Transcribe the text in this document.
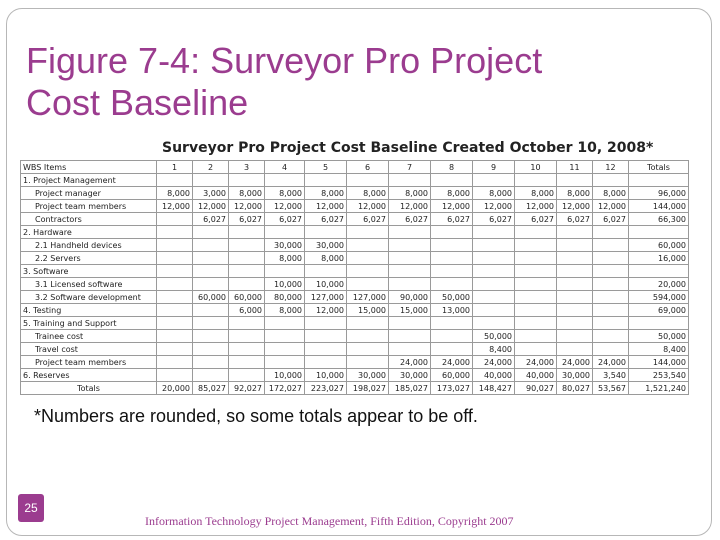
Figure 7-4: Surveyor Pro Project
Cost Baseline
Surveyor Pro Project Cost Baseline Created October 10, 2008*
WBS Items	1	2	3	4	5	6	7	8	9	10	11	12	Totals
1. Project Management													
Project manager	8,000	3,000	8,000	8,000	8,000	8,000	8,000	8,000	8,000	8,000	8,000	8,000	96,000
Project team members	12,000	12,000	12,000	12,000	12,000	12,000	12,000	12,000	12,000	12,000	12,000	12,000	144,000
Contractors		6,027	6,027	6,027	6,027	6,027	6,027	6,027	6,027	6,027	6,027	6,027	66,300
2. Hardware													
2.1 Handheld devices				30,000	30,000								60,000
2.2 Servers				8,000	8,000								16,000
3. Software													
3.1 Licensed software				10,000	10,000								20,000
3.2 Software development		60,000	60,000	80,000	127,000	127,000	90,000	50,000					594,000
4. Testing			6,000	8,000	12,000	15,000	15,000	13,000					69,000
5. Training and Support													
Trainee cost									50,000				50,000
Travel cost									8,400				8,400
Project team members							24,000	24,000	24,000	24,000	24,000	24,000	144,000
6. Reserves				10,000	10,000	30,000	30,000	60,000	40,000	40,000	30,000	3,540	253,540
Totals	20,000	85,027	92,027	172,027	223,027	198,027	185,027	173,027	148,427	90,027	80,027	53,567	1,521,240
*Numbers are rounded, so some totals appear to be off.
25
Information Technology Project Management, Fifth Edition, Copyright 2007
